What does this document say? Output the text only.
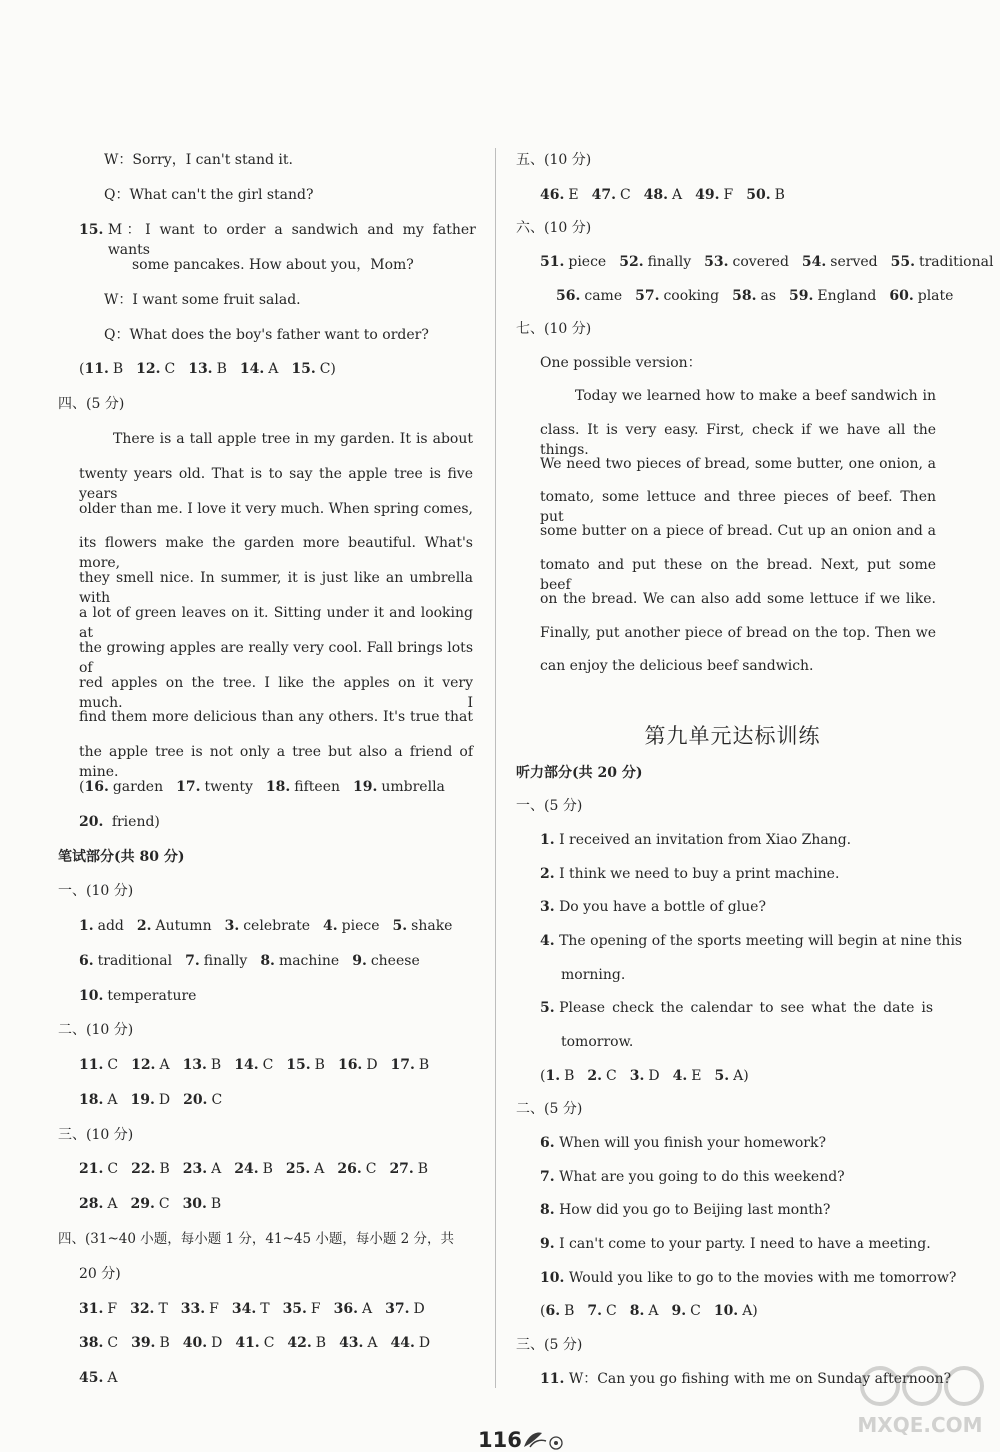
W：Sorry，I can't stand it.
Q：What can't the girl stand?
15. M：I want to order a sandwich and my father wants
some pancakes. How about you，Mom?
W：I want some fruit salad.
Q：What does the boy's father want to order?
(11. B 12. C 13. B 14. A 15. C)
四、(5 分)
There is a tall apple tree in my garden. It is about
twenty years old. That is to say the apple tree is five years
older than me. I love it very much. When spring comes,
its flowers make the garden more beautiful. What's more,
they smell nice. In summer, it is just like an umbrella with
a lot of green leaves on it. Sitting under it and looking at
the growing apples are really very cool. Fall brings lots of
red apples on the tree. I like the apples on it very much. I
find them more delicious than any others. It's true that
the apple tree is not only a tree but also a friend of mine.
(16. garden 17. twenty 18. fifteen 19. umbrella
20. friend)
笔试部分(共 80 分)
一、(10 分)
1. add 2. Autumn 3. celebrate 4. piece 5. shake
6. traditional 7. finally 8. machine 9. cheese
10. temperature
二、(10 分)
11. C 12. A 13. B 14. C 15. B 16. D 17. B
18. A 19. D 20. C
三、(10 分)
21. C 22. B 23. A 24. B 25. A 26. C 27. B
28. A 29. C 30. B
四、(31~40 小题，每小题 1 分，41~45 小题，每小题 2 分，共
20 分)
31. F 32. T 33. F 34. T 35. F 36. A 37. D
38. C 39. B 40. D 41. C 42. B 43. A 44. D
45. A
五、(10 分)
46. E 47. C 48. A 49. F 50. B
六、(10 分)
51. piece 52. finally 53. covered 54. served 55. traditional
56. came 57. cooking 58. as 59. England 60. plate
七、(10 分)
One possible version：
Today we learned how to make a beef sandwich in
class. It is very easy. First, check if we have all the things.
We need two pieces of bread, some butter, one onion, a
tomato, some lettuce and three pieces of beef. Then put
some butter on a piece of bread. Cut up an onion and a
tomato and put these on the bread. Next, put some beef
on the bread. We can also add some lettuce if we like.
Finally, put another piece of bread on the top. Then we
can enjoy the delicious beef sandwich.
听力部分(共 20 分)
一、(5 分)
1. I received an invitation from Xiao Zhang.
2. I think we need to buy a print machine.
3. Do you have a bottle of glue?
4. The opening of the sports meeting will begin at nine this
morning.
5. Please check the calendar to see what the date is
tomorrow.
(1. B 2. C 3. D 4. E 5. A)
二、(5 分)
6. When will you finish your homework?
7. What are you going to do this weekend?
8. How did you go to Beijing last month?
9. I can't come to your party. I need to have a meeting.
10. Would you like to go to the movies with me tomorrow?
(6. B 7. C 8. A 9. C 10. A)
三、(5 分)
11. W：Can you go fishing with me on Sunday afternoon?
第九单元达标训练
116
MXQE.COM
